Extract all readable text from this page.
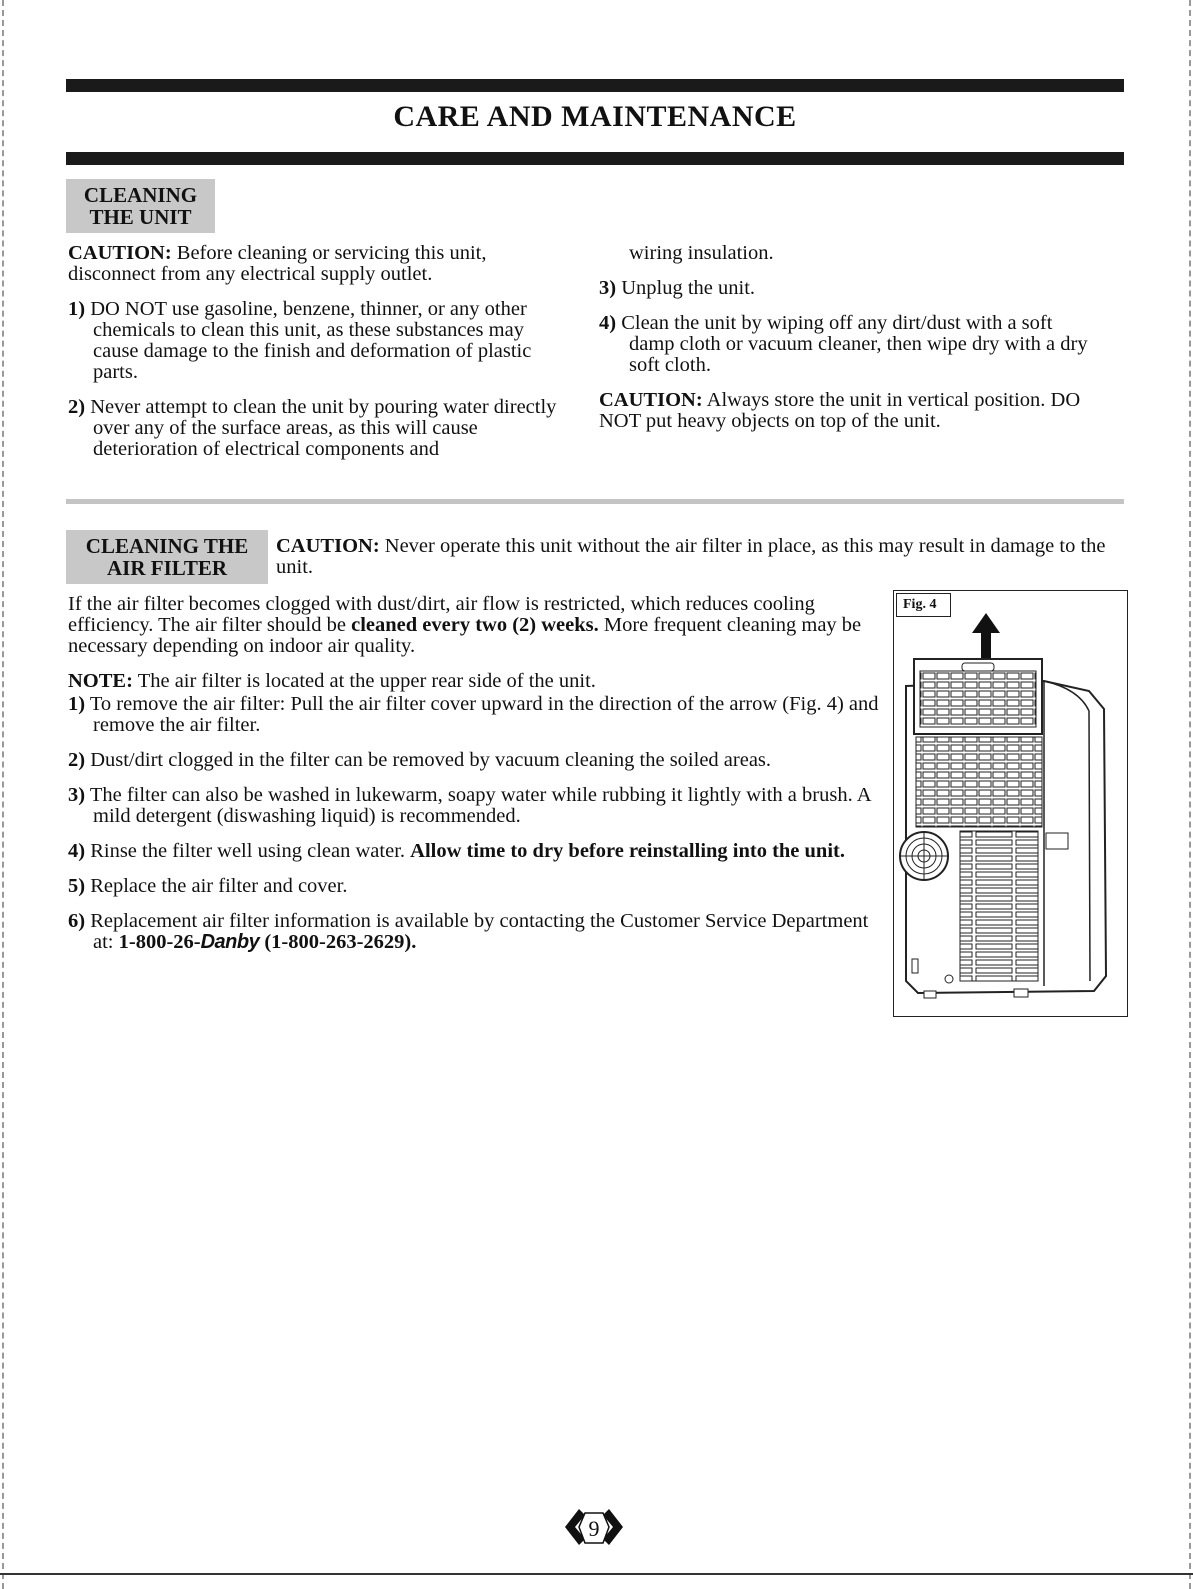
CARE AND MAINTENANCE
CLEANING
THE UNIT

CAUTION: Before cleaning or servicing this unit, disconnect from any electrical supply outlet.

1) DO NOT use gasoline, benzene, thinner, or any other chemicals to clean this unit, as these substances may cause damage to the finish and deformation of plastic parts.

2) Never attempt to clean the unit by pouring water directly over any of the surface areas, as this will cause deterioration of electrical components and

wiring insulation.

3) Unplug the unit.

4) Clean the unit by wiping off any dirt/dust with a soft damp cloth or vacuum cleaner, then wipe dry with a dry soft cloth.

CAUTION: Always store the unit in vertical position. DO NOT put heavy objects on top of the unit.

CLEANING THE
AIR FILTER

CAUTION: Never operate this unit without the air filter in place, as this may result in damage to the unit.

If the air filter becomes clogged with dust/dirt, air flow is restricted, which reduces cooling efficiency. The air filter should be cleaned every two (2) weeks. More frequent cleaning may be necessary depending on indoor air quality.

NOTE: The air filter is located at the upper rear side of the unit.

1) To remove the air filter: Pull the air filter cover upward in the direction of the arrow (Fig. 4) and remove the air filter.

2) Dust/dirt clogged in the filter can be removed by vacuum cleaning the soiled areas.

3) The filter can also be washed in lukewarm, soapy water while rubbing it lightly with a brush. A mild detergent (diswashing liquid) is recommended.

4) Rinse the filter well using clean water. Allow time to dry before reinstalling into the unit.

5) Replace the air filter and cover.

6) Replacement air filter information is available by contacting the Customer Service Department at: 1-800-26-Danby (1-800-263-2629).

Fig. 4
9
